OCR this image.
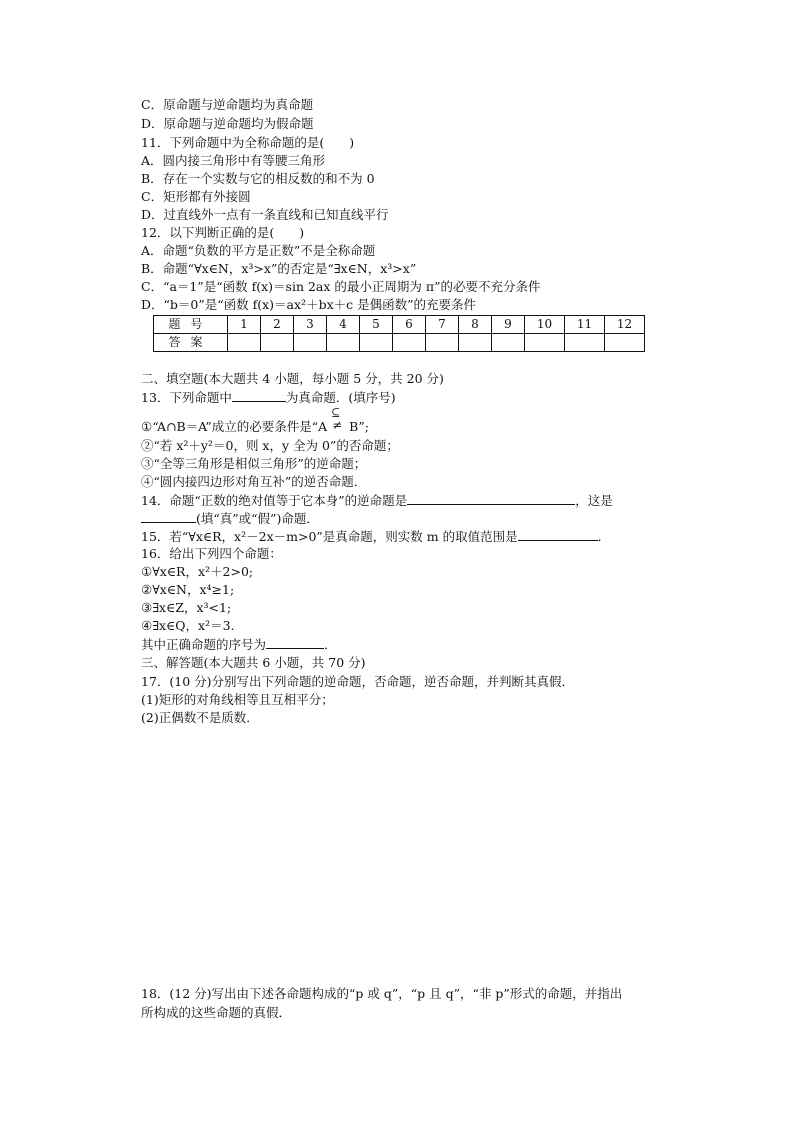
C．原命题与逆命题均为真命题
D．原命题与逆命题均为假命题
11．下列命题中为全称命题的是(　　)
A．圆内接三角形中有等腰三角形
B．存在一个实数与它的相反数的和不为 0
C．矩形都有外接圆
D．过直线外一点有一条直线和已知直线平行
12．以下判断正确的是(　　)
A．命题“负数的平方是正数”不是全称命题
B．命题“∀x∈N，x³>x”的否定是“∃x∈N，x³>x”
C．“a＝1”是“函数 f(x)＝sin 2ax 的最小正周期为 π”的必要不充分条件
D．“b＝0”是“函数 f(x)＝ax²＋bx＋c 是偶函数”的充要条件
题号	1	2	3	4	5	6	7	8	9	10	11	12
答案												
二、填空题(本大题共 4 小题，每小题 5 分，共 20 分)
13．下列命题中	为真命题．(填序号)
①“A∩B＝A”成立的必要条件是“A
⊆
≠ B”;
②“若 x²＋y²＝0，则 x，y 全为 0”的否命题；
③“全等三角形是相似三角形”的逆命题；
④“圆内接四边形对角互补”的逆否命题．
14．命题“正数的绝对值等于它本身”的逆命题是	，这是
(填“真”或“假”)命题．
15．若“∀x∈R，x²－2x－m>0”是真命题，则实数 m 的取值范围是	．
16．给出下列四个命题：
①∀x∈R，x²＋2>0;
②∀x∈N，x⁴≥1;
③∃x∈Z，x³<1;
④∃x∈Q，x²＝3.
其中正确命题的序号为	．
三、解答题(本大题共 6 小题，共 70 分)
17．(10 分)分别写出下列命题的逆命题，否命题，逆否命题，并判断其真假．
(1)矩形的对角线相等且互相平分；
(2)正偶数不是质数．
18．(12 分)写出由下述各命题构成的“p 或 q”，“p 且 q”，“非 p”形式的命题，并指出
所构成的这些命题的真假．
